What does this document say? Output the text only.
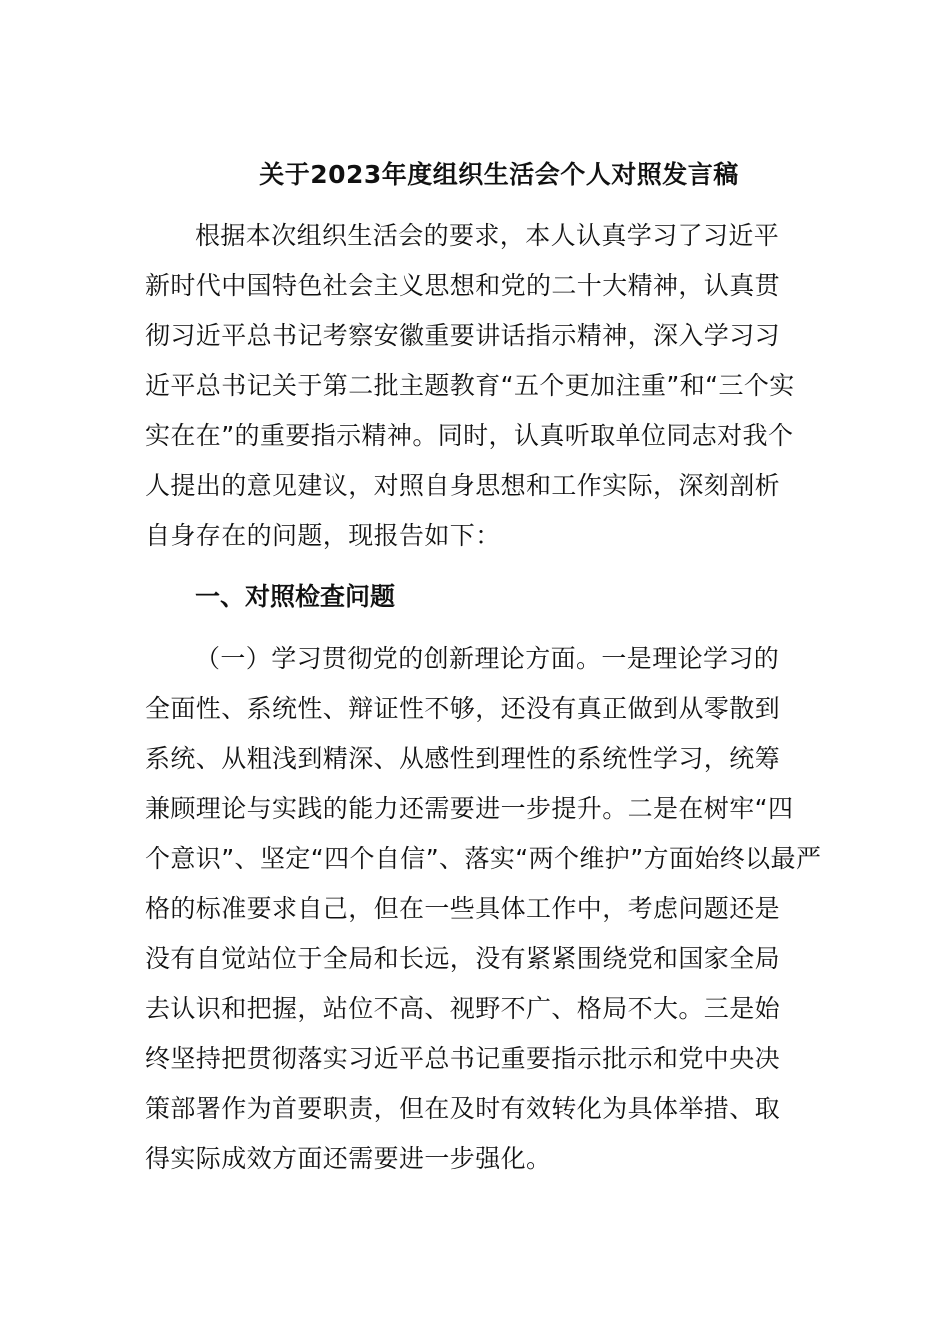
关于2023年度组织生活会个人对照发言稿
根据本次组织生活会的要求，本人认真学习了习近平
新时代中国特色社会主义思想和党的二十大精神，认真贯
彻习近平总书记考察安徽重要讲话指示精神，深入学习习
近平总书记关于第二批主题教育“五个更加注重”和“三个实
实在在”的重要指示精神。同时，认真听取单位同志对我个
人提出的意见建议，对照自身思想和工作实际，深刻剖析
自身存在的问题，现报告如下：
一、对照检查问题
（一）学习贯彻党的创新理论方面。一是理论学习的
全面性、系统性、辩证性不够，还没有真正做到从零散到
系统、从粗浅到精深、从感性到理性的系统性学习，统筹
兼顾理论与实践的能力还需要进一步提升。二是在树牢“四
个意识”、坚定“四个自信”、落实“两个维护”方面始终以最严
格的标准要求自己，但在一些具体工作中，考虑问题还是
没有自觉站位于全局和长远，没有紧紧围绕党和国家全局
去认识和把握，站位不高、视野不广、格局不大。三是始
终坚持把贯彻落实习近平总书记重要指示批示和党中央决
策部署作为首要职责，但在及时有效转化为具体举措、取
得实际成效方面还需要进一步强化。
